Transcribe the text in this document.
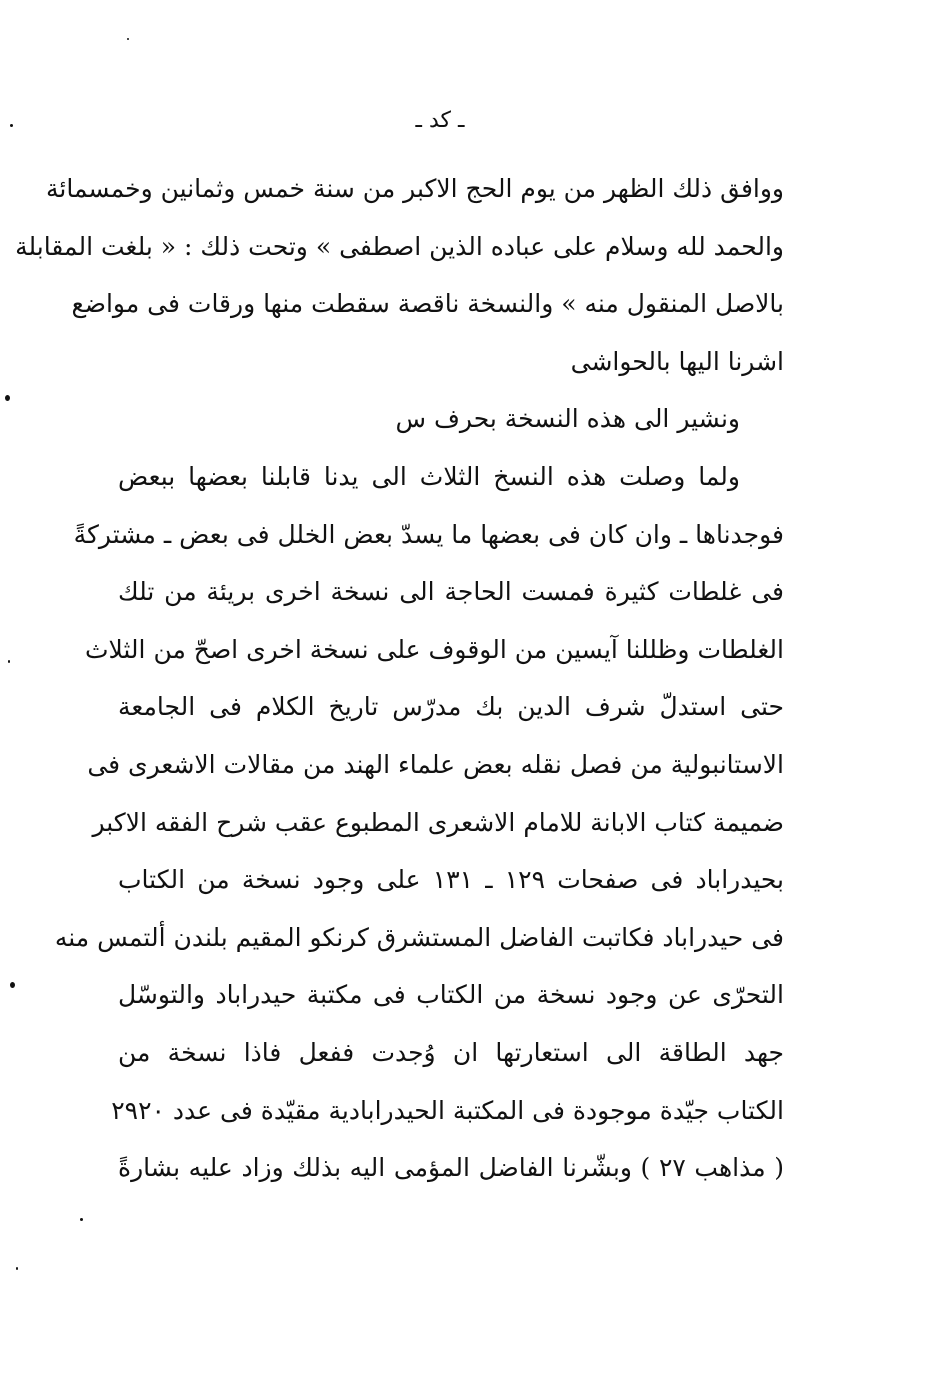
ـ كد ـ
ووافق ذلك الظهر من يوم الحج الاكبر من سنة خمس وثمانين وخمسمائة
والحمد لله وسلام على عباده الذين اصطفى » وتحت ذلك : « بلغت المقابلة
بالاصل المنقول منه » والنسخة ناقصة سقطت منها ورقات فى مواضع
اشرنا اليها بالحواشى
ونشير الى هذه النسخة بحرف س
ولما وصلت هذه النسخ الثلاث الى يدنا قابلنا بعضها ببعض
فوجدناها ـ وان كان فى بعضها ما يسدّ بعض الخلل فى بعض ـ مشتركةً
فى غلطات كثيرة فمست الحاجة الى نسخة اخرى بريئة من تلك
الغلطات وظللنا آيسين من الوقوف على نسخة اخرى اصحّ من الثلاث
حتى استدلّ شرف الدين بك مدرّس تاريخ الكلام فى الجامعة
الاستانبولية من فصل نقله بعض علماء الهند من مقالات الاشعرى فى
ضميمة كتاب الابانة للامام الاشعرى المطبوع عقب شرح الفقه الاكبر
بحيدراباد فى صفحات ١٢٩ ـ ١٣١ على وجود نسخة من الكتاب
فى حيدراباد فكاتبت الفاضل المستشرق كرنكو المقيم بلندن ألتمس منه
التحرّى عن وجود نسخة من الكتاب فى مكتبة حيدراباد والتوسّل
جهد الطاقة الى استعارتها ان وُجدت ففعل فاذا نسخة من
الكتاب جيّدة موجودة فى المكتبة الحيدرابادية مقيّدة فى عدد ٢٩٢٠
( مذاهب ٢٧ ) وبشّرنا الفاضل المؤمى اليه بذلك وزاد عليه بشارةً
